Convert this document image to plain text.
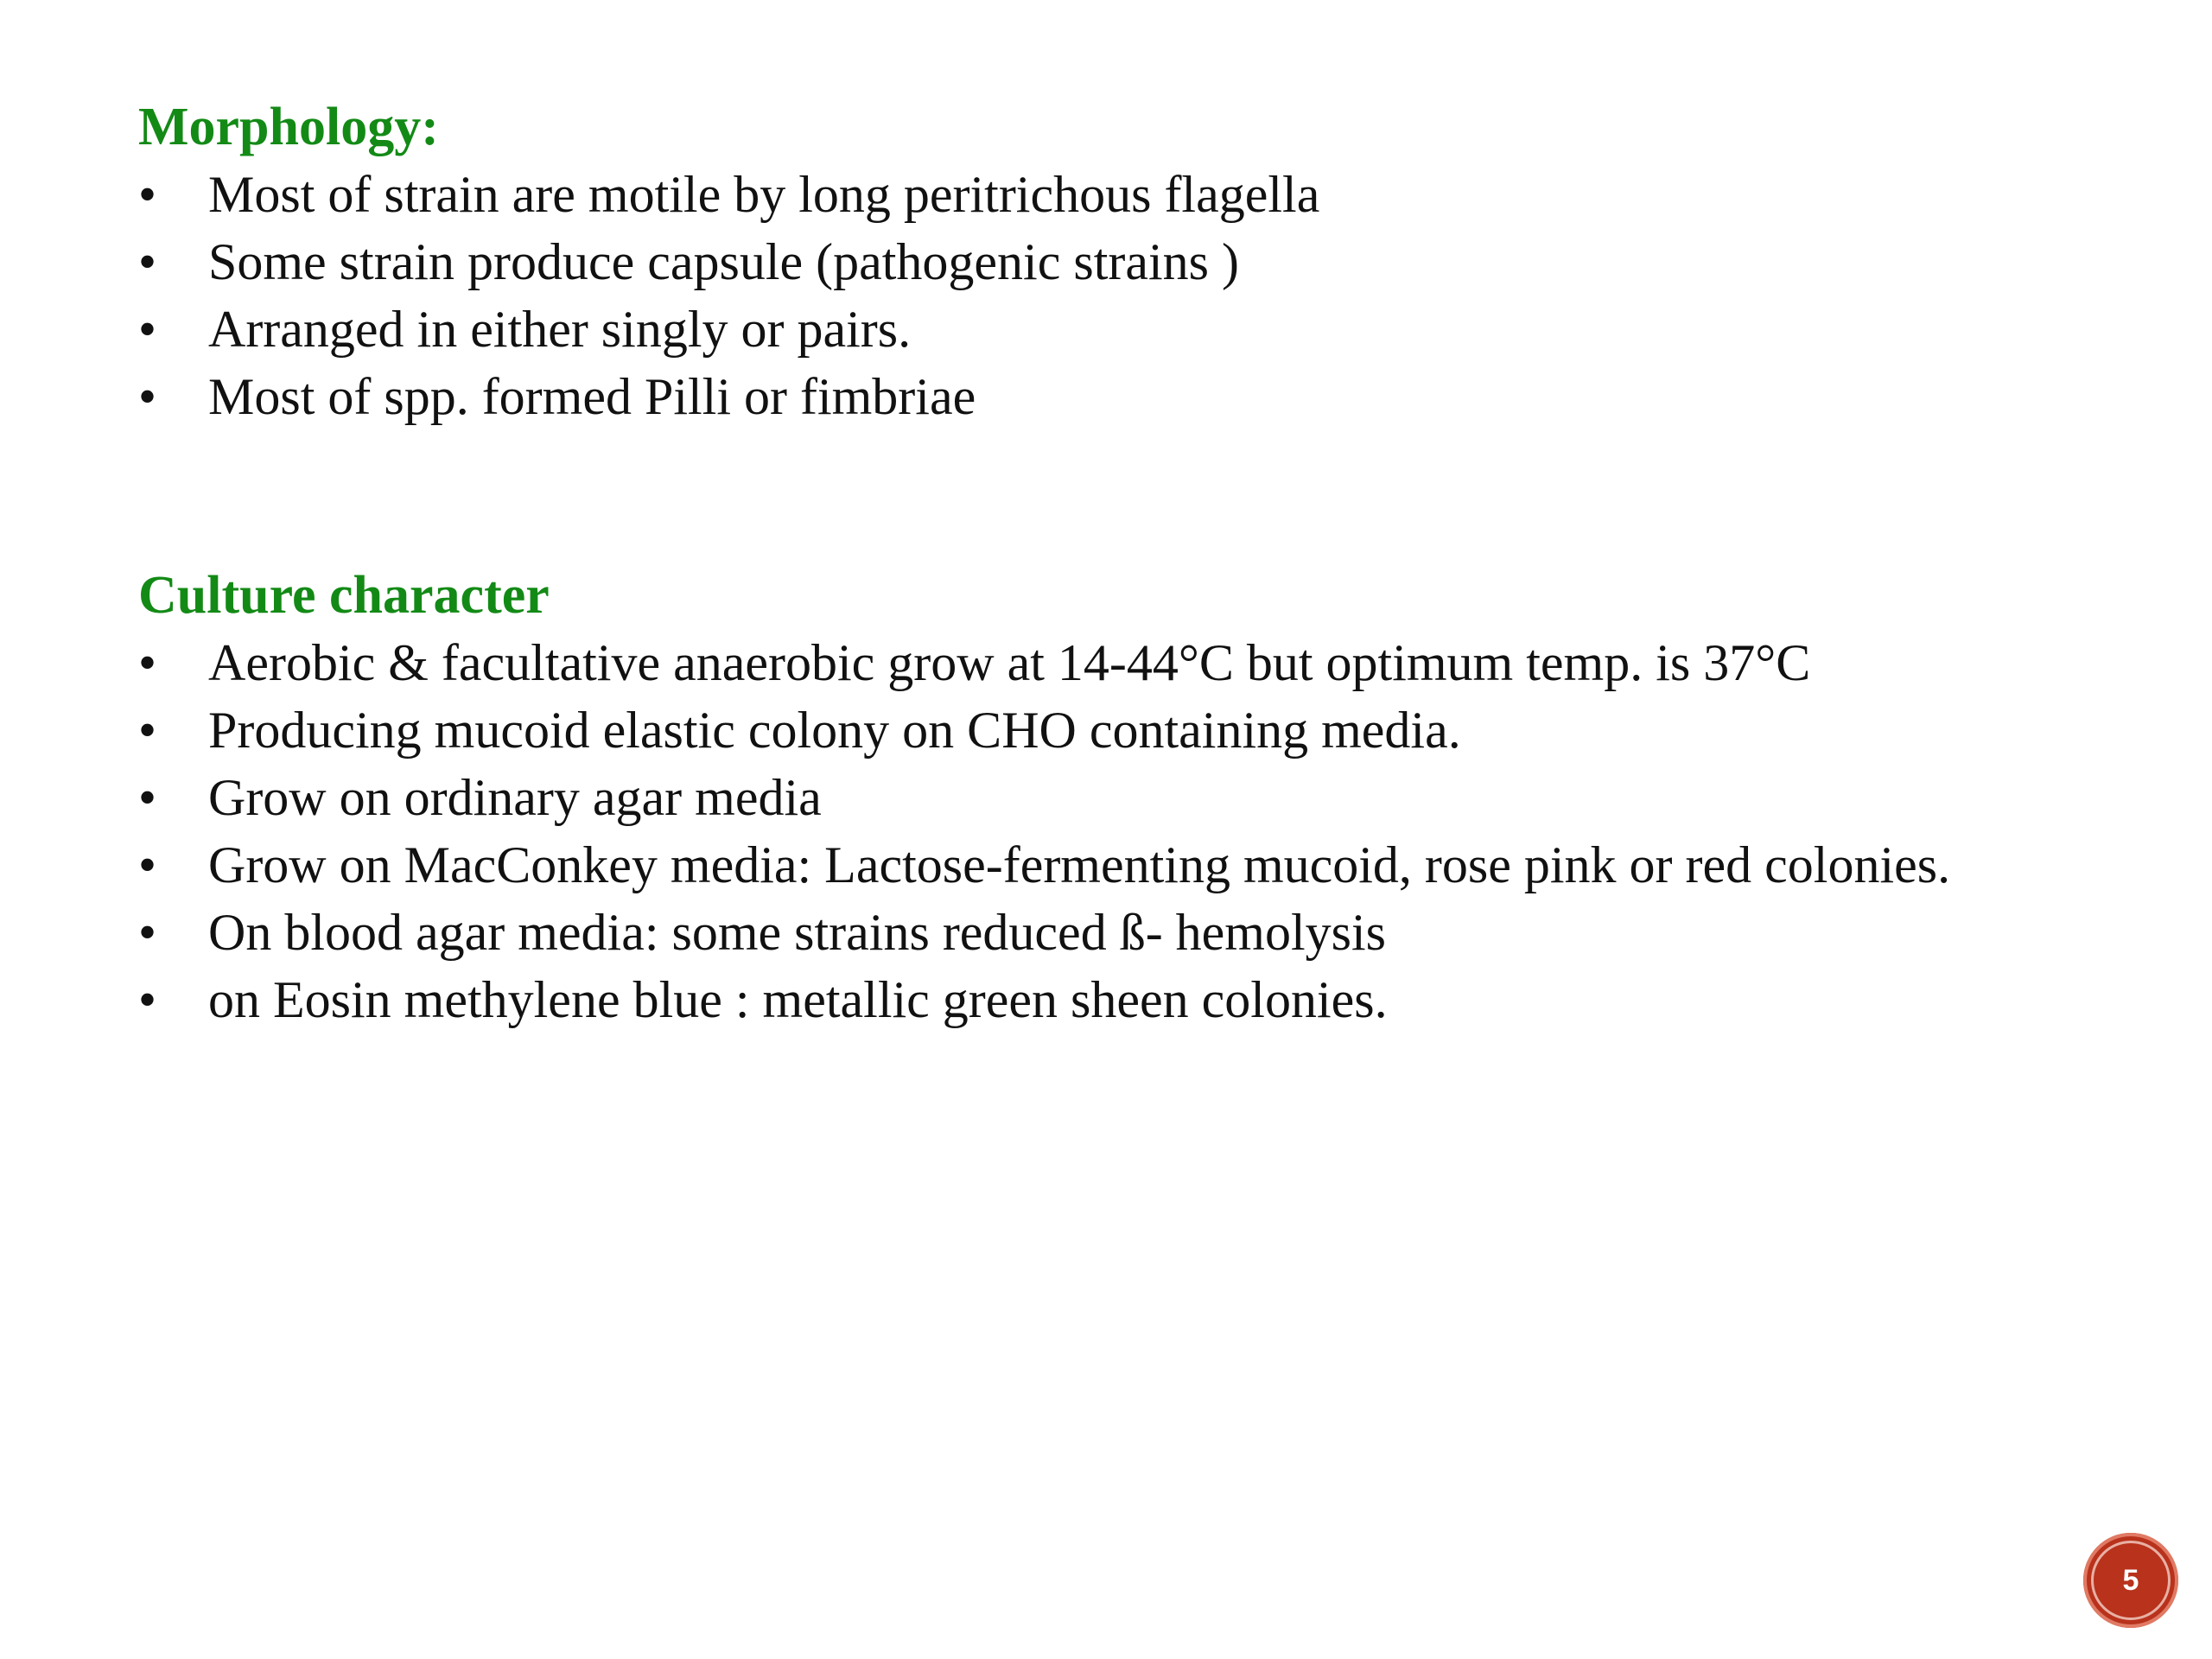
Morphology:
• Most of strain are motile by long peritrichous flagella
• Some strain produce capsule (pathogenic strains )
• Arranged in either singly or pairs.
• Most of spp. formed Pilli or fimbriae
Culture character
• Aerobic & facultative anaerobic grow at 14-44°C but optimum temp. is 37°C
• Producing mucoid elastic colony on CHO containing media.
• Grow on ordinary agar media
• Grow on MacConkey media: Lactose-fermenting mucoid, rose pink or red colonies.
• On blood agar media: some strains reduced ß- hemolysis
• on Eosin methylene blue : metallic green sheen colonies.
5
